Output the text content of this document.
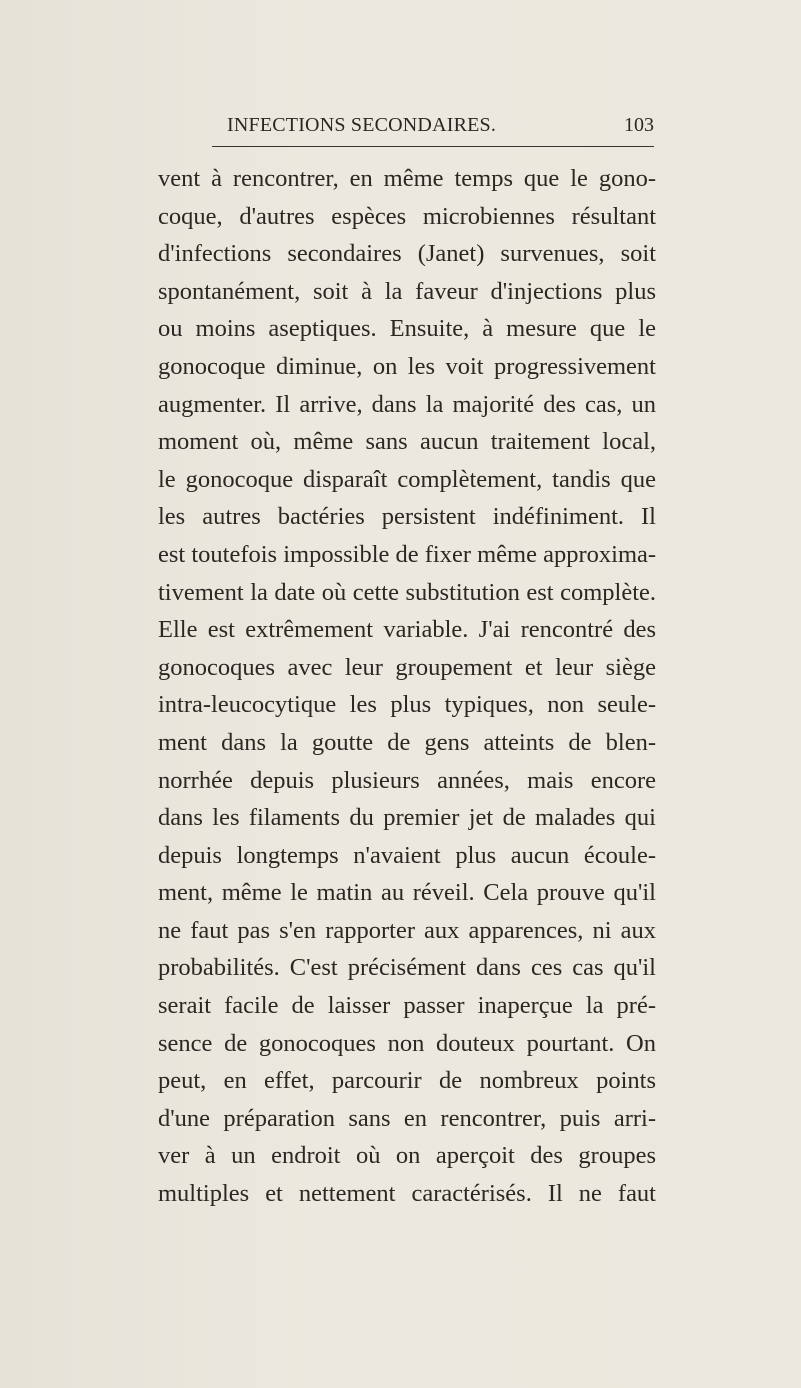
INFECTIONS SECONDAIRES.	103
vent à rencontrer, en même temps que le gono-
coque, d'autres espèces microbiennes résultant
d'infections secondaires (Janet) survenues, soit
spontanément, soit à la faveur d'injections plus
ou moins aseptiques. Ensuite, à mesure que le
gonocoque diminue, on les voit progressivement
augmenter. Il arrive, dans la majorité des cas, un
moment où, même sans aucun traitement local,
le gonocoque disparaît complètement, tandis que
les autres bactéries persistent indéfiniment. Il
est toutefois impossible de fixer même approxima-
tivement la date où cette substitution est complète.
Elle est extrêmement variable. J'ai rencontré des
gonocoques avec leur groupement et leur siège
intra-leucocytique les plus typiques, non seule-
ment dans la goutte de gens atteints de blen-
norrhée depuis plusieurs années, mais encore
dans les filaments du premier jet de malades qui
depuis longtemps n'avaient plus aucun écoule-
ment, même le matin au réveil. Cela prouve qu'il
ne faut pas s'en rapporter aux apparences, ni aux
probabilités. C'est précisément dans ces cas qu'il
serait facile de laisser passer inaperçue la pré-
sence de gonocoques non douteux pourtant. On
peut, en effet, parcourir de nombreux points
d'une préparation sans en rencontrer, puis arri-
ver à un endroit où on aperçoit des groupes
multiples et nettement caractérisés. Il ne faut
